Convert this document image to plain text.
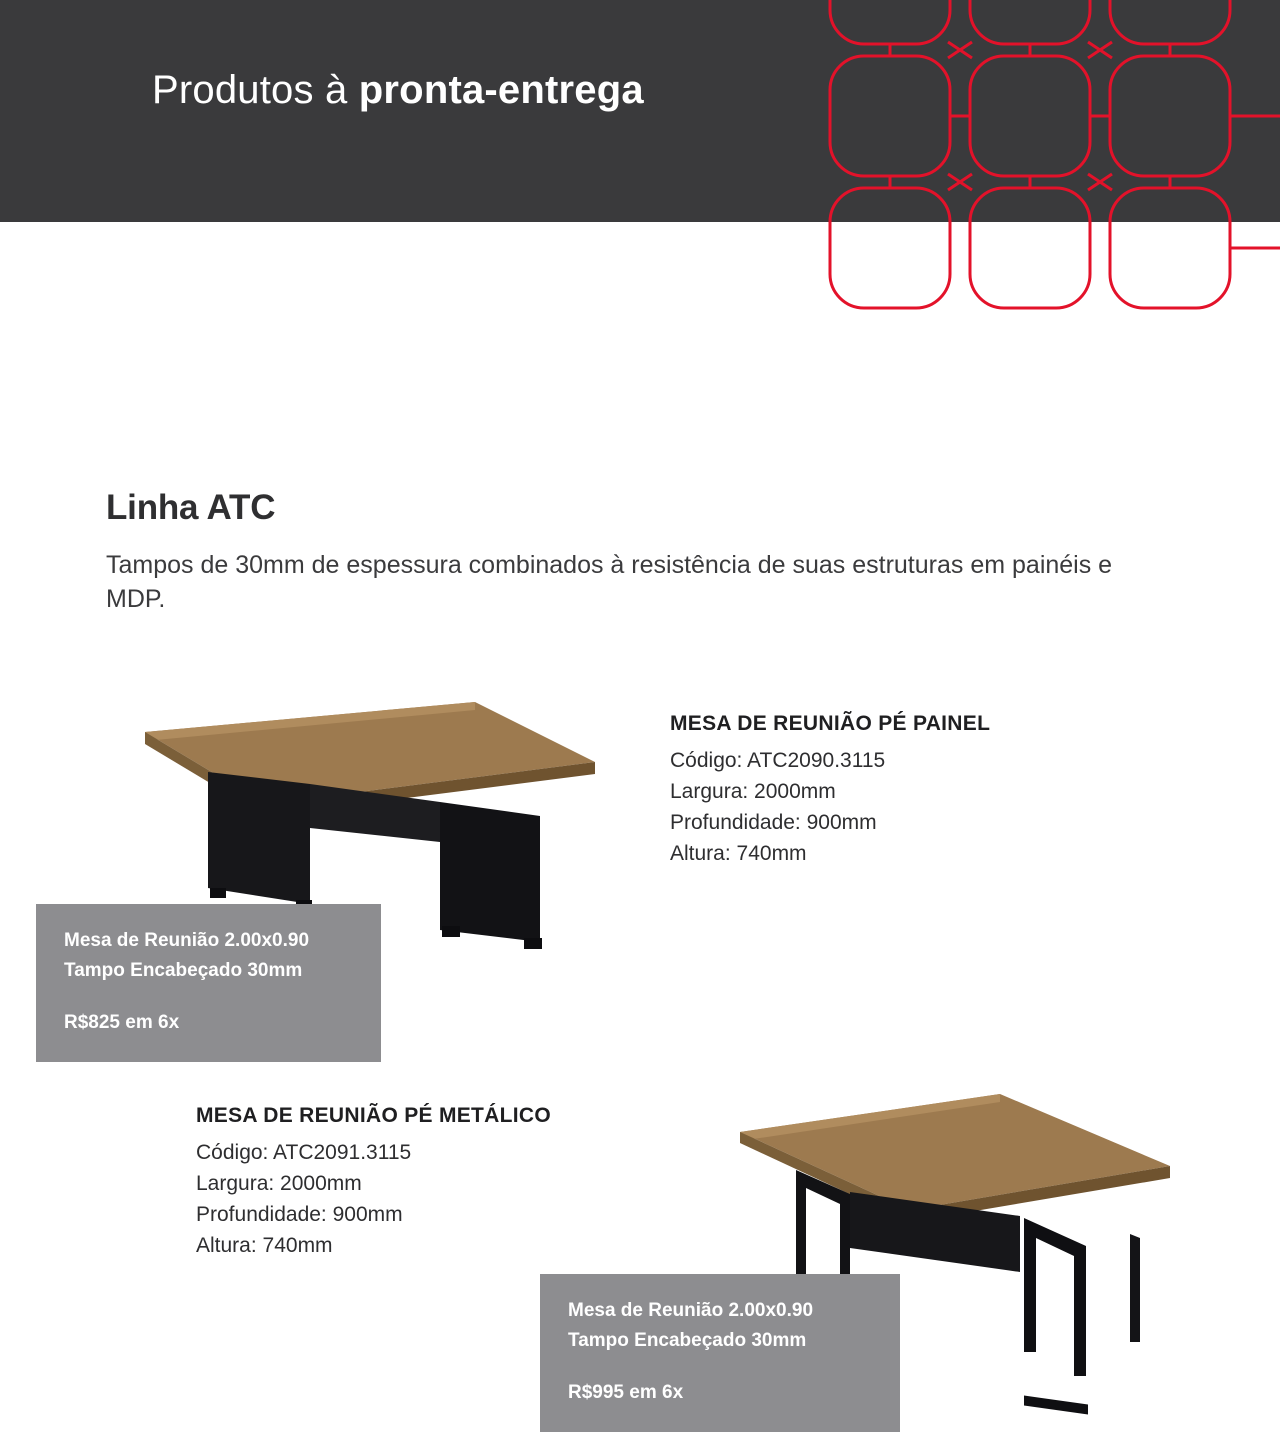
Produtos à pronta-entrega
Linha ATC
Tampos de 30mm de espessura combinados à resistência de suas estruturas em painéis e MDP.
MESA DE REUNIÃO PÉ PAINEL
Código: ATC2090.3115
Largura: 2000mm
Profundidade: 900mm
Altura: 740mm
Mesa de Reunião 2.00x0.90
Tampo Encabeçado 30mm
R$825 em 6x
MESA DE REUNIÃO PÉ METÁLICO
Código: ATC2091.3115
Largura: 2000mm
Profundidade: 900mm
Altura: 740mm
Mesa de Reunião 2.00x0.90
Tampo Encabeçado 30mm
R$995 em 6x
